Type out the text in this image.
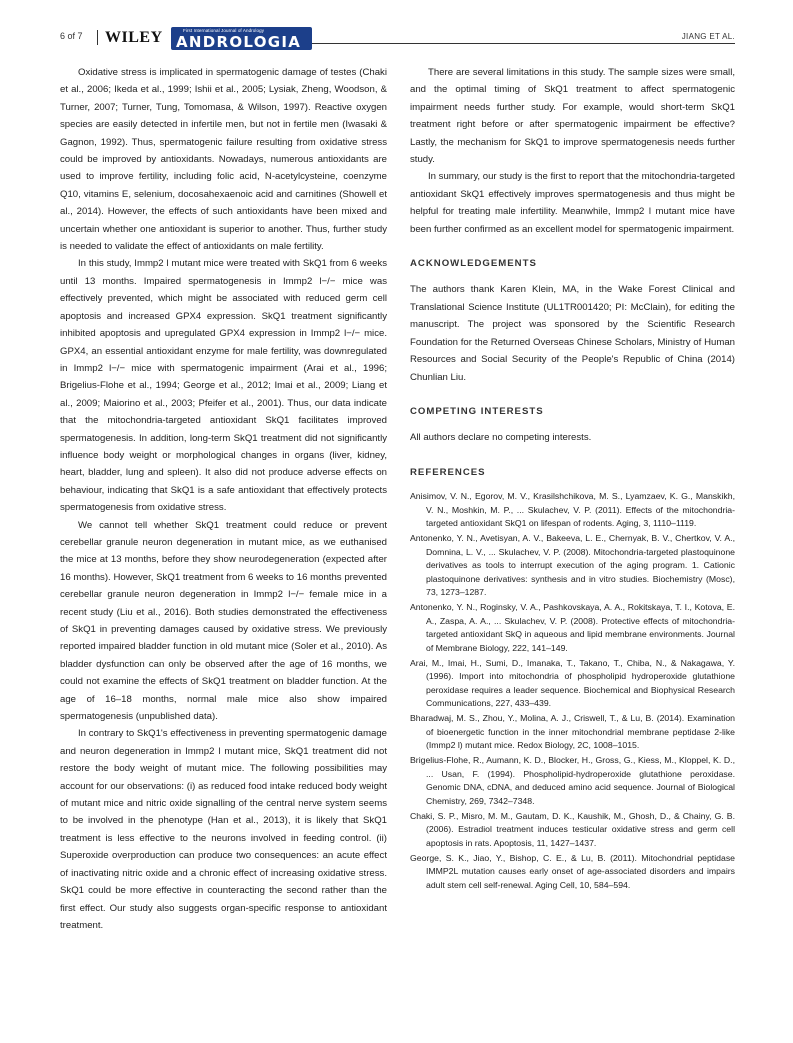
6 of 7 WILEY	First International Journal of Andrology
ANDROLOGIA	JIANG ET AL.

Oxidative stress is implicated in spermatogenic damage of testes (Chaki et al., 2006; Ikeda et al., 1999; Ishii et al., 2005; Lysiak, Zheng, Woodson, & Turner, 2007; Turner, Tung, Tomomasa, & Wilson, 1997). Reactive oxygen species are easily detected in infertile men, but not in fertile men (Iwasaki & Gagnon, 1992). Thus, spermatogenic failure resulting from oxidative stress could be improved by antioxidants. Nowadays, numerous antioxidants are used to improve fertility, including folic acid, N-acetylcysteine, coenzyme Q10, vitamins E, selenium, docosahexaenoic acid and carnitines (Showell et al., 2014). However, the effects of such antioxidants have been mixed and uncertain whether one antioxidant is superior to another. Thus, further study is needed to validate the effect of antioxidants on male fertility.

In this study, Immp2 l mutant mice were treated with SkQ1 from 6 weeks until 13 months. Impaired spermatogenesis in Immp2 l−/− mice was effectively prevented, which might be associated with reduced germ cell apoptosis and increased GPX4 expression. SkQ1 treatment significantly inhibited apoptosis and upregulated GPX4 expression in Immp2 l−/− mice. GPX4, an essential antioxidant enzyme for male fertility, was downregulated in Immp2 l−/− mice with spermatogenic impairment (Arai et al., 1996; Brigelius-Flohe et al., 1994; George et al., 2012; Imai et al., 2009; Liang et al., 2009; Maiorino et al., 2003; Pfeifer et al., 2001). Thus, our data indicate that the mitochondria-targeted antioxidant SkQ1 facilitates improved spermatogenesis. In addition, long-term SkQ1 treatment did not significantly influence body weight or morphological changes in organs (liver, kidney, heart, bladder, lung and spleen). It also did not produce adverse effects on behaviour, indicating that SkQ1 is a safe antioxidant that effectively protects spermatogenesis from oxidative stress.

We cannot tell whether SkQ1 treatment could reduce or prevent cerebellar granule neuron degeneration in mutant mice, as we euthanised the mice at 13 months, before they show neurodegeneration (expected after 16 months). However, SkQ1 treatment from 6 weeks to 16 months prevented cerebellar granule neuron degeneration in Immp2 l−/− female mice in a recent study (Liu et al., 2016). Both studies demonstrated the effectiveness of SkQ1 in preventing damages caused by oxidative stress. We previously reported impaired bladder function in old mutant mice (Soler et al., 2010). As bladder dysfunction can only be observed after the age of 16 months, we could not examine the effects of SkQ1 treatment on bladder function. At the age of 16–18 months, normal male mice also show impaired spermatogenesis (unpublished data).

In contrary to SkQ1's effectiveness in preventing spermatogenic damage and neuron degeneration in Immp2 l mutant mice, SkQ1 treatment did not restore the body weight of mutant mice. The following possibilities may account for our observations: (i) as reduced food intake reduced body weight of mutant mice and nitric oxide signalling of the central nerve system seems to be involved in the phenotype (Han et al., 2013), it is likely that SkQ1 treatment is less effective to the neurons involved in feeding control. (ii) Superoxide overproduction can produce two consequences: an acute effect of inactivating nitric oxide and a chronic effect of increasing oxidative stress. SkQ1 could be more effective in counteracting the second rather than the first effect. Our study also suggests organ-specific response to antioxidant treatment.

There are several limitations in this study. The sample sizes were small, and the optimal timing of SkQ1 treatment to affect spermatogenic impairment needs further study. For example, would short-term SkQ1 treatment right before or after spermatogenic impairment be effective? Lastly, the mechanism for SkQ1 to improve spermatogenesis needs further study.

In summary, our study is the first to report that the mitochondria-targeted antioxidant SkQ1 effectively improves spermatogenesis and thus might be helpful for treating male infertility. Meanwhile, Immp2 l mutant mice have been further confirmed as an excellent model for spermatogenic impairment.

ACKNOWLEDGEMENTS

The authors thank Karen Klein, MA, in the Wake Forest Clinical and Translational Science Institute (UL1TR001420; PI: McClain), for editing the manuscript. The project was sponsored by the Scientific Research Foundation for the Returned Overseas Chinese Scholars, Ministry of Human Resources and Social Security of the People's Republic of China (2014) Chunlian Liu.

COMPETING INTERESTS

All authors declare no competing interests.

REFERENCES
Anisimov, V. N., Egorov, M. V., Krasilshchikova, M. S., Lyamzaev, K. G., Manskikh, V. N., Moshkin, M. P., ... Skulachev, V. P. (2011). Effects of the mitochondria-targeted antioxidant SkQ1 on lifespan of rodents. Aging, 3, 1110–1119.
Antonenko, Y. N., Avetisyan, A. V., Bakeeva, L. E., Chernyak, B. V., Chertkov, V. A., Domnina, L. V., ... Skulachev, V. P. (2008). Mitochondria-targeted plastoquinone derivatives as tools to interrupt execution of the aging program. 1. Cationic plastoquinone derivatives: synthesis and in vitro studies. Biochemistry (Mosc), 73, 1273–1287.
Antonenko, Y. N., Roginsky, V. A., Pashkovskaya, A. A., Rokitskaya, T. I., Kotova, E. A., Zaspa, A. A., ... Skulachev, V. P. (2008). Protective effects of mitochondria-targeted antioxidant SkQ in aqueous and lipid membrane environments. Journal of Membrane Biology, 222, 141–149.
Arai, M., Imai, H., Sumi, D., Imanaka, T., Takano, T., Chiba, N., & Nakagawa, Y. (1996). Import into mitochondria of phospholipid hydroperoxide glutathione peroxidase requires a leader sequence. Biochemical and Biophysical Research Communications, 227, 433–439.
Bharadwaj, M. S., Zhou, Y., Molina, A. J., Criswell, T., & Lu, B. (2014). Examination of bioenergetic function in the inner mitochondrial membrane peptidase 2-like (Immp2 l) mutant mice. Redox Biology, 2C, 1008–1015.
Brigelius-Flohe, R., Aumann, K. D., Blocker, H., Gross, G., Kiess, M., Kloppel, K. D., ... Usan, F. (1994). Phospholipid-hydroperoxide glutathione peroxidase. Genomic DNA, cDNA, and deduced amino acid sequence. Journal of Biological Chemistry, 269, 7342–7348.
Chaki, S. P., Misro, M. M., Gautam, D. K., Kaushik, M., Ghosh, D., & Chainy, G. B. (2006). Estradiol treatment induces testicular oxidative stress and germ cell apoptosis in rats. Apoptosis, 11, 1427–1437.
George, S. K., Jiao, Y., Bishop, C. E., & Lu, B. (2011). Mitochondrial peptidase IMMP2L mutation causes early onset of age-associated disorders and impairs adult stem cell self-renewal. Aging Cell, 10, 584–594.
